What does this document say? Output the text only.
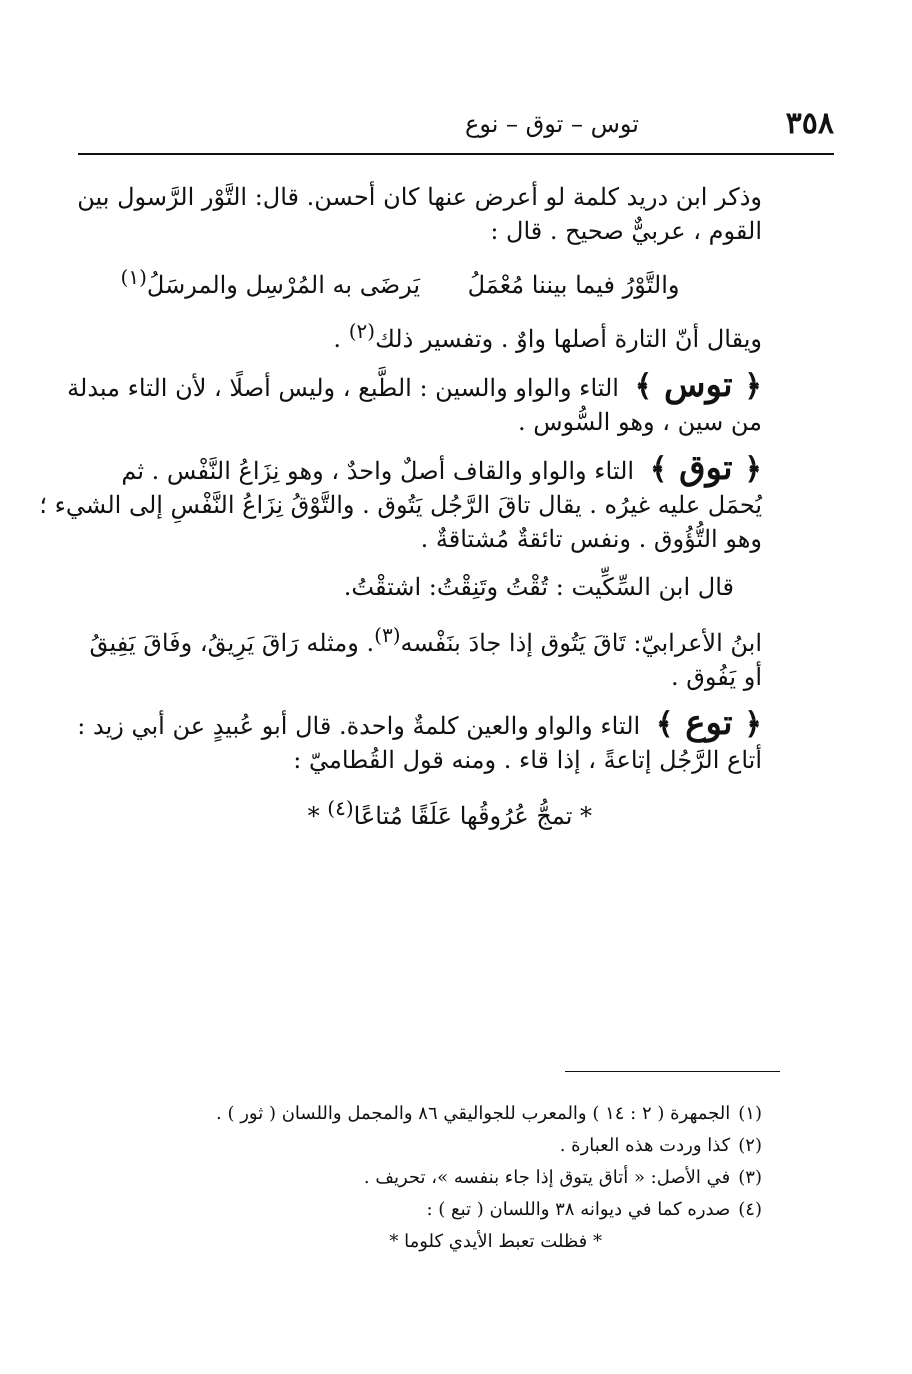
٣٥٨
توس – توق – نوع
وذكر ابن دريد كلمة لو أعرض عنها كان أحسن. قال: التَّوْر الرَّسول بين
القوم ، عربيٌّ صحيح . قال :
والتَّوْرُ فيما بيننا مُعْمَلُ يَرضَى به المُرْسِل والمرسَلُ$^{(١)}$
ويقال أنّ التارة أصلها واوٌ . وتفسير ذلك$^{(٢)}$ .
﴿ توس ﴾ التاء والواو والسين : الطَّبع ، وليس أصلًا ، لأن التاء مبدلة
من سين ، وهو السُّوس .
﴿ توق ﴾ التاء والواو والقاف أصلٌ واحدٌ ، وهو نِزَاعُ النَّفْس . ثم
يُحمَل عليه غيرُه . يقال تاقَ الرَّجُل يَتُوق . والتَّوْقُ نِزَاعُ النَّفْسِ إلى الشيء ؛
وهو التُّؤُوق . ونفس تائقةٌ مُشتاقةٌ .
قال ابن السِّكِّيت : تُقْتُ وتَنِقْتُ: اشتقْتُ.
ابنُ الأعرابيّ: تَاقَ يَتُوق إذا جادَ بنَفْسه$^{(٣)}$. ومثله رَاقَ يَرِيقُ، وفَاقَ يَفِيقُ
أو يَفُوق .
﴿ توع ﴾ التاء والواو والعين كلمةٌ واحدة. قال أبو عُبيدٍ عن أبي زيد :
أتاع الرَّجُل إتاعةً ، إذا قاء . ومنه قول القُطاميّ :
* تمجُّ عُرُوقُها عَلَقًا مُتاعًا$^{(٤)}$ *
(١)الجمهرة ( ٢ : ١٤ ) والمعرب للجواليقي ٨٦ والمجمل واللسان ( ثور ) .
(٢)كذا وردت هذه العبارة .
(٣)في الأصل: « أتاق يتوق إذا جاء بنفسه »، تحريف .
(٤)صدره كما في ديوانه ٣٨ واللسان ( تبع ) :
* فظلت تعبط الأيدي كلوما *
